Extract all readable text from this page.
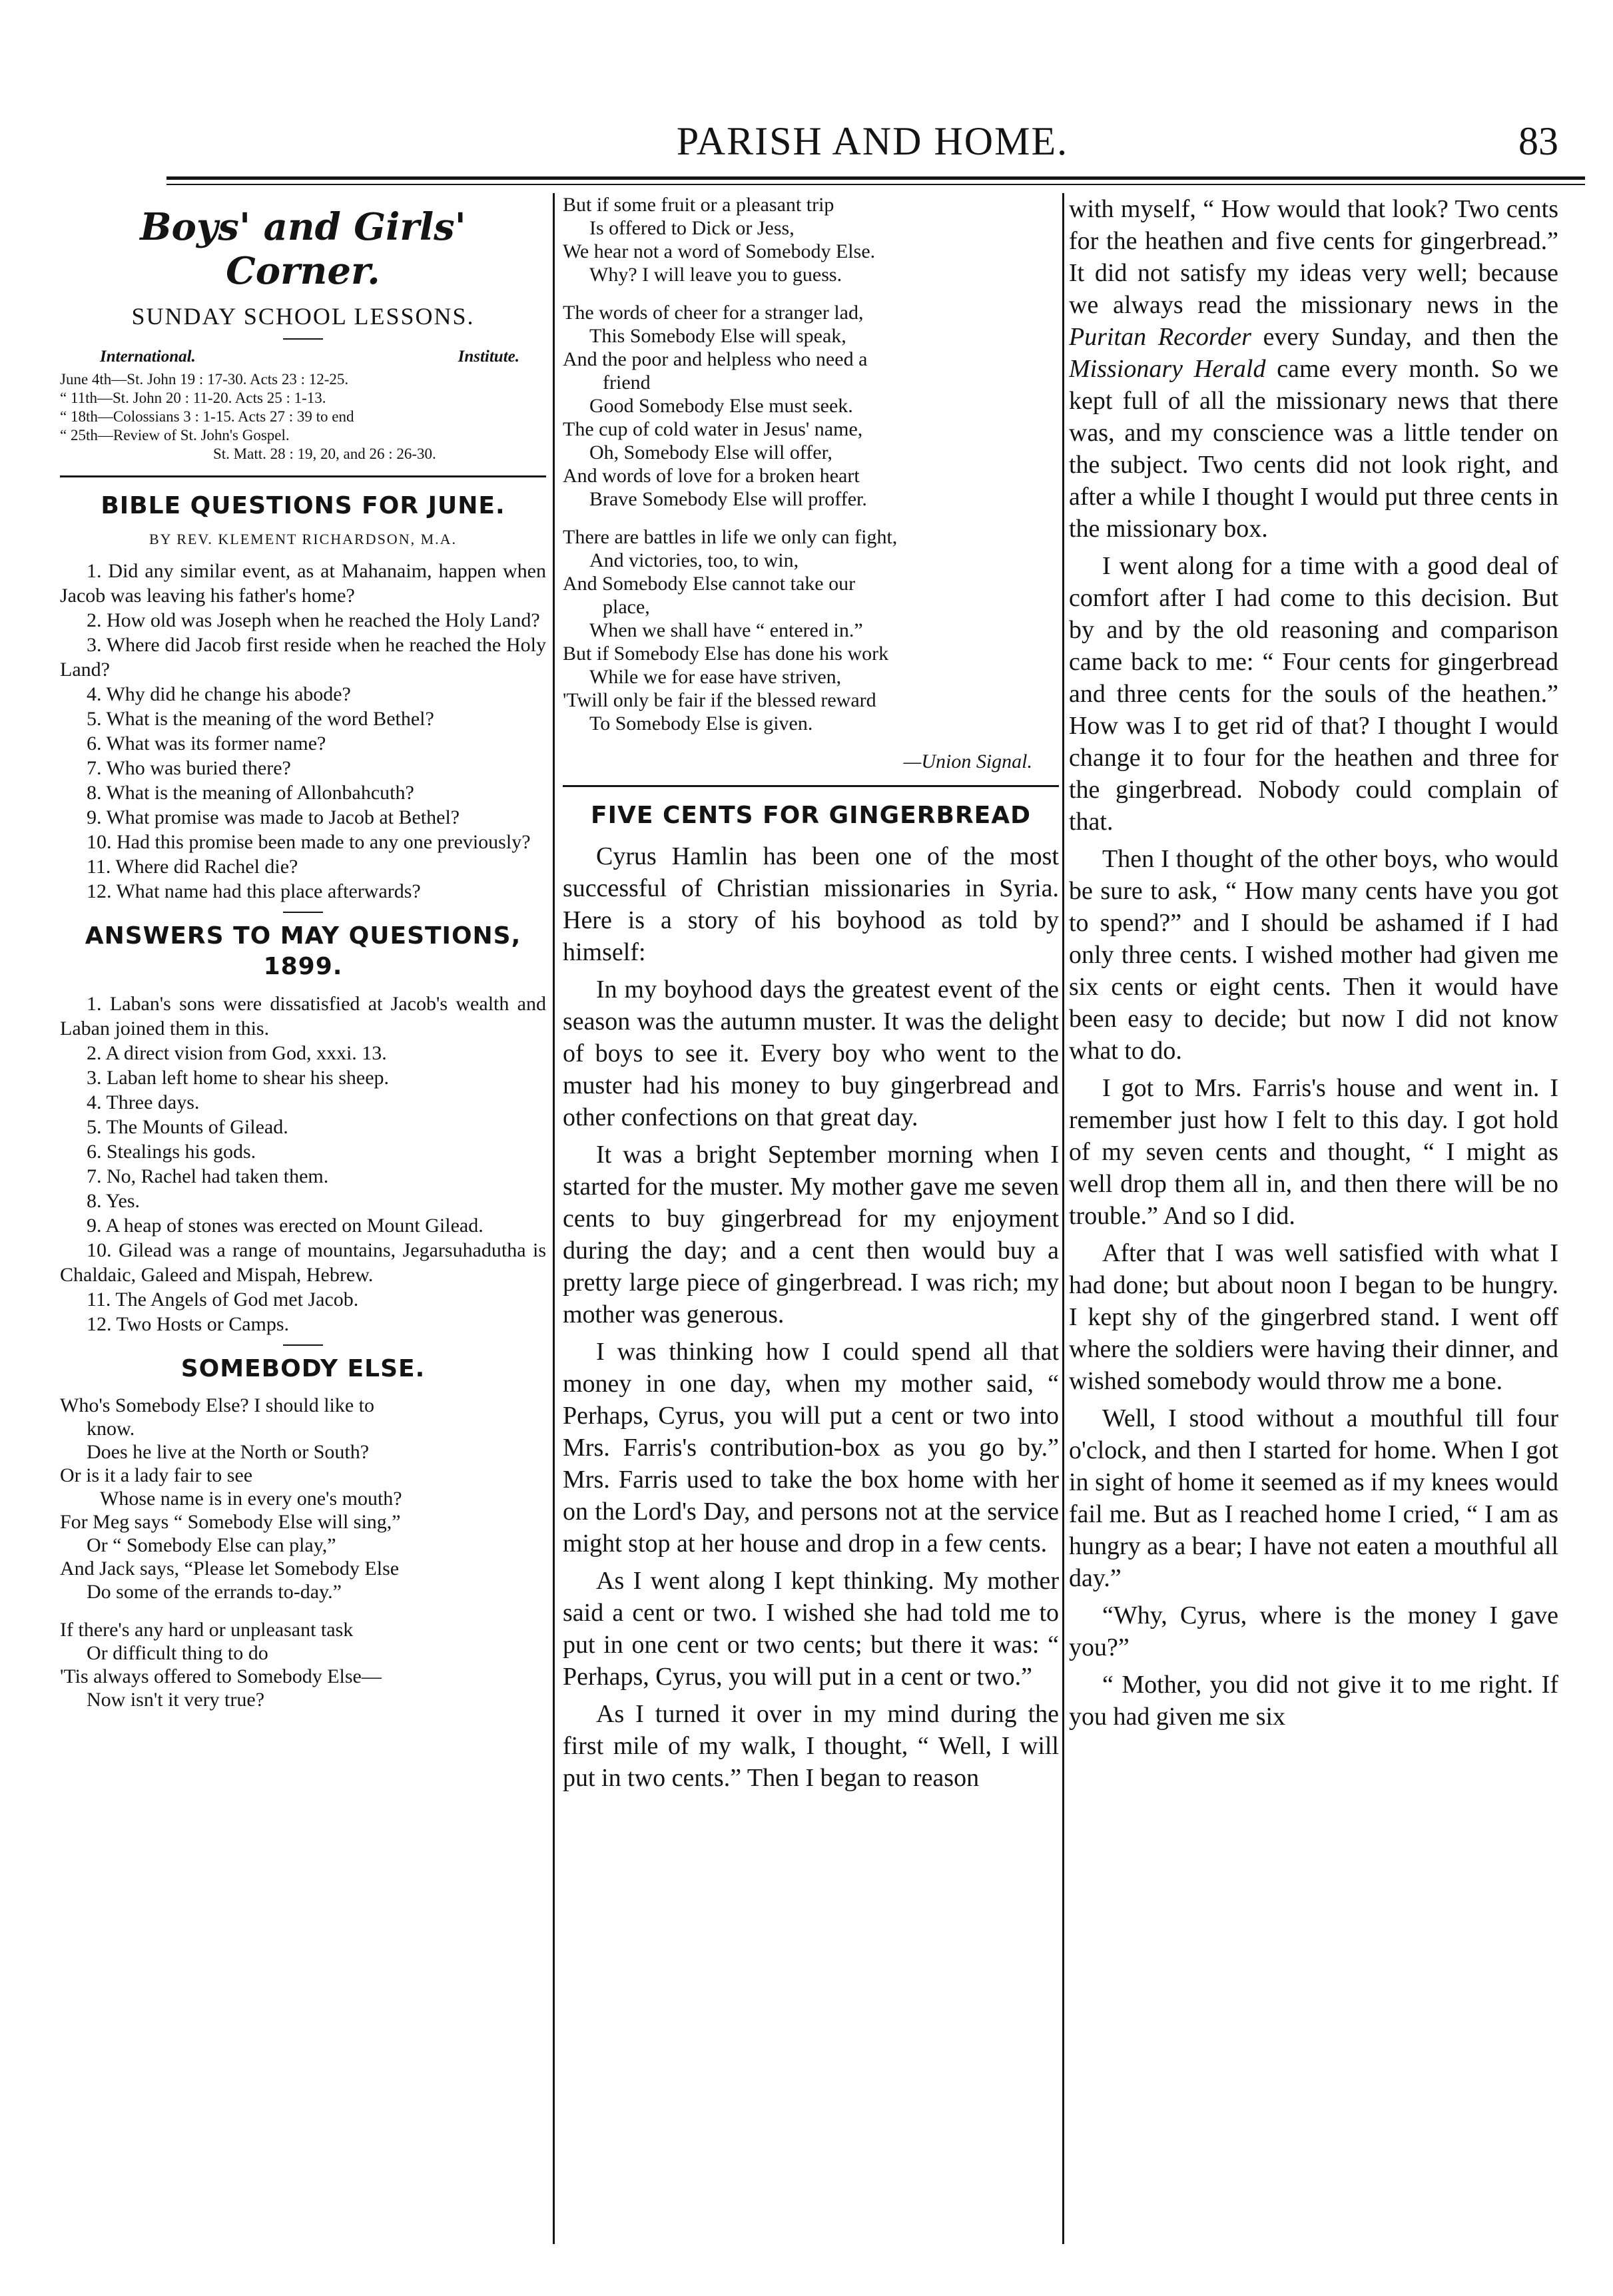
PARISH AND HOME.	83
Boys' and Girls' Corner.
SUNDAY SCHOOL LESSONS.
International.	Institute.
June 4th—St. John 19 : 17-30. Acts 23 : 12-25.
“ 11th—St. John 20 : 11-20. Acts 25 : 1-13.
“ 18th—Colossians 3 : 1-15. Acts 27 : 39 to end
“ 25th—Review of St. John's Gospel.
St. Matt. 28 : 19, 20, and 26 : 26-30.
BIBLE QUESTIONS FOR JUNE.
BY REV. KLEMENT RICHARDSON, M.A.
1. Did any similar event, as at Mahanaim, happen when Jacob was leaving his father's home?
2. How old was Joseph when he reached the Holy Land?
3. Where did Jacob first reside when he reached the Holy Land?
4. Why did he change his abode?
5. What is the meaning of the word Bethel?
6. What was its former name?
7. Who was buried there?
8. What is the meaning of Allonbahcuth?
9. What promise was made to Jacob at Bethel?
10. Had this promise been made to any one previously?
11. Where did Rachel die?
12. What name had this place afterwards?
ANSWERS TO MAY QUESTIONS, 1899.
1. Laban's sons were dissatisfied at Jacob's wealth and Laban joined them in this.
2. A direct vision from God, xxxi. 13.
3. Laban left home to shear his sheep.
4. Three days.
5. The Mounts of Gilead.
6. Stealings his gods.
7. No, Rachel had taken them.
8. Yes.
9. A heap of stones was erected on Mount Gilead.
10. Gilead was a range of mountains, Jegarsuhadutha is Chaldaic, Galeed and Mispah, Hebrew.
11. The Angels of God met Jacob.
12. Two Hosts or Camps.
SOMEBODY ELSE.
Who's Somebody Else? I should like to
know.
Does he live at the North or South?
Or is it a lady fair to see
Whose name is in every one's mouth?
For Meg says “ Somebody Else will sing,”
Or “ Somebody Else can play,”
And Jack says, “Please let Somebody Else
Do some of the errands to-day.”
If there's any hard or unpleasant task
Or difficult thing to do
'Tis always offered to Somebody Else—
Now isn't it very true?
But if some fruit or a pleasant trip
Is offered to Dick or Jess,
We hear not a word of Somebody Else.
Why? I will leave you to guess.
The words of cheer for a stranger lad,
This Somebody Else will speak,
And the poor and helpless who need a
friend
Good Somebody Else must seek.
The cup of cold water in Jesus' name,
Oh, Somebody Else will offer,
And words of love for a broken heart
Brave Somebody Else will proffer.
There are battles in life we only can fight,
And victories, too, to win,
And Somebody Else cannot take our
place,
When we shall have “ entered in.”
But if Somebody Else has done his work
While we for ease have striven,
'Twill only be fair if the blessed reward
To Somebody Else is given.
—Union Signal.
FIVE CENTS FOR GINGERBREAD

Cyrus Hamlin has been one of the most successful of Christian missionaries in Syria. Here is a story of his boyhood as told by himself:

In my boyhood days the greatest event of the season was the autumn muster. It was the delight of boys to see it. Every boy who went to the muster had his money to buy gingerbread and other confections on that great day.

It was a bright September morning when I started for the muster. My mother gave me seven cents to buy gingerbread for my enjoyment during the day; and a cent then would buy a pretty large piece of gingerbread. I was rich; my mother was generous.

I was thinking how I could spend all that money in one day, when my mother said, “ Perhaps, Cyrus, you will put a cent or two into Mrs. Farris's contribution-box as you go by.” Mrs. Farris used to take the box home with her on the Lord's Day, and persons not at the service might stop at her house and drop in a few cents.

As I went along I kept thinking. My mother said a cent or two. I wished she had told me to put in one cent or two cents; but there it was: “ Perhaps, Cyrus, you will put in a cent or two.”

As I turned it over in my mind during the first mile of my walk, I thought, “ Well, I will put in two cents.” Then I began to reason

with myself, “ How would that look? Two cents for the heathen and five cents for gingerbread.” It did not satisfy my ideas very well; because we always read the missionary news in the Puritan Recorder every Sunday, and then the Missionary Herald came every month. So we kept full of all the missionary news that there was, and my conscience was a little tender on the subject. Two cents did not look right, and after a while I thought I would put three cents in the missionary box.

I went along for a time with a good deal of comfort after I had come to this decision. But by and by the old reasoning and comparison came back to me: “ Four cents for gingerbread and three cents for the souls of the heathen.” How was I to get rid of that? I thought I would change it to four for the heathen and three for the gingerbread. Nobody could complain of that.

Then I thought of the other boys, who would be sure to ask, “ How many cents have you got to spend?” and I should be ashamed if I had only three cents. I wished mother had given me six cents or eight cents. Then it would have been easy to decide; but now I did not know what to do.

I got to Mrs. Farris's house and went in. I remember just how I felt to this day. I got hold of my seven cents and thought, “ I might as well drop them all in, and then there will be no trouble.” And so I did.

After that I was well satisfied with what I had done; but about noon I began to be hungry. I kept shy of the gingerbred stand. I went off where the soldiers were having their dinner, and wished somebody would throw me a bone.

Well, I stood without a mouthful till four o'clock, and then I started for home. When I got in sight of home it seemed as if my knees would fail me. But as I reached home I cried, “ I am as hungry as a bear; I have not eaten a mouthful all day.”

“Why, Cyrus, where is the money I gave you?”

“ Mother, you did not give it to me right. If you had given me six
